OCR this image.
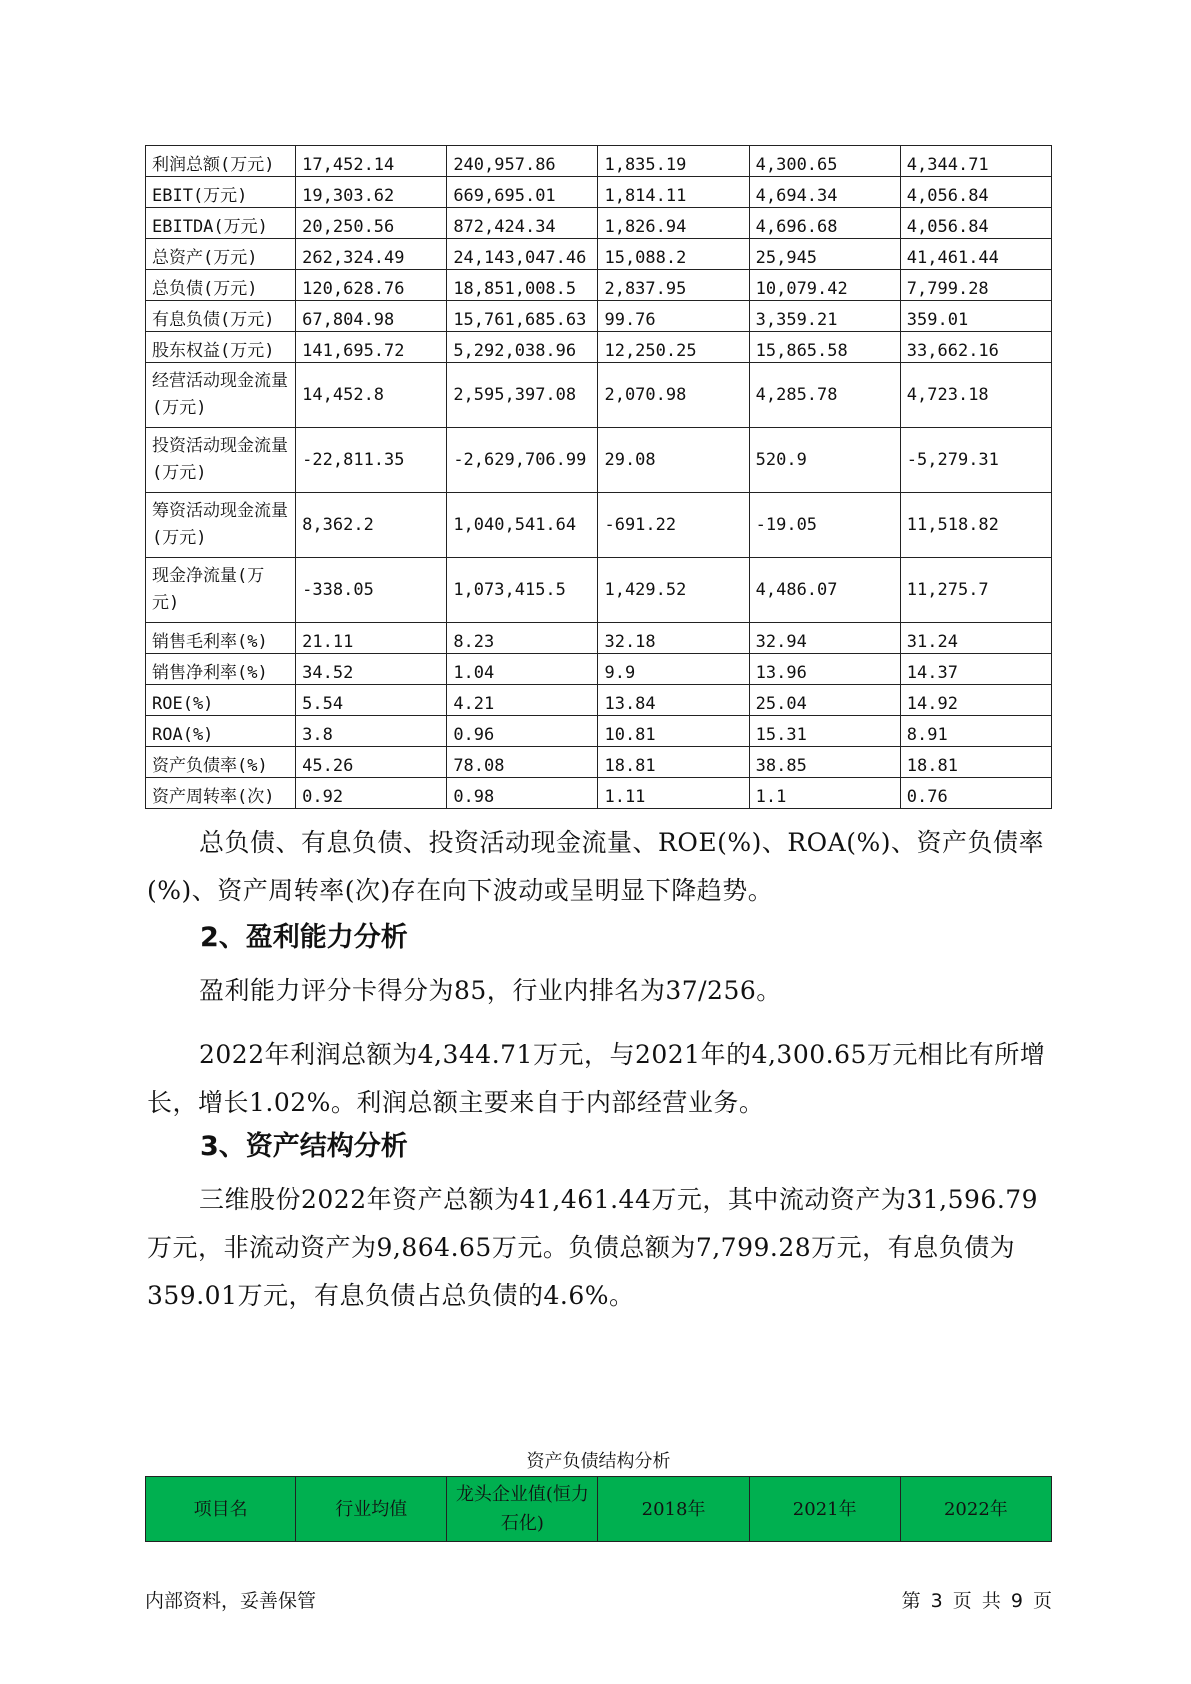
利润总额(万元)	17,452.14	240,957.86	1,835.19	4,300.65	4,344.71
EBIT(万元)	19,303.62	669,695.01	1,814.11	4,694.34	4,056.84
EBITDA(万元)	20,250.56	872,424.34	1,826.94	4,696.68	4,056.84
总资产(万元)	262,324.49	24,143,047.46	15,088.2	25,945	41,461.44
总负债(万元)	120,628.76	18,851,008.5	2,837.95	10,079.42	7,799.28
有息负债(万元)	67,804.98	15,761,685.63	99.76	3,359.21	359.01
股东权益(万元)	141,695.72	5,292,038.96	12,250.25	15,865.58	33,662.16
经营活动现金流量(万元)	14,452.8	2,595,397.08	2,070.98	4,285.78	4,723.18
投资活动现金流量(万元)	-22,811.35	-2,629,706.99	29.08	520.9	-5,279.31
筹资活动现金流量(万元)	8,362.2	1,040,541.64	-691.22	-19.05	11,518.82
现金净流量(万元)	-338.05	1,073,415.5	1,429.52	4,486.07	11,275.7
销售毛利率(%)	21.11	8.23	32.18	32.94	31.24
销售净利率(%)	34.52	1.04	9.9	13.96	14.37
ROE(%)	5.54	4.21	13.84	25.04	14.92
ROA(%)	3.8	0.96	10.81	15.31	8.91
资产负债率(%)	45.26	78.08	18.81	38.85	18.81
资产周转率(次)	0.92	0.98	1.11	1.1	0.76

总负债、有息负债、投资活动现金流量、ROE(%)、ROA(%)、资产负债率(%)、资产周转率(次)存在向下波动或呈明显下降趋势。

2、盈利能力分析

盈利能力评分卡得分为85，行业内排名为37/256。

2022年利润总额为4,344.71万元，与2021年的4,300.65万元相比有所增长，增长1.02%。利润总额主要来自于内部经营业务。

3、资产结构分析

三维股份2022年资产总额为41,461.44万元，其中流动资产为31,596.79万元，非流动资产为9,864.65万元。负债总额为7,799.28万元，有息负债为359.01万元，有息负债占总负债的4.6%。

资产负债结构分析

项目名	行业均值	龙头企业值(恒力石化)	2018年	2021年	2022年
内部资料，妥善保管	第 3 页 共 9 页
